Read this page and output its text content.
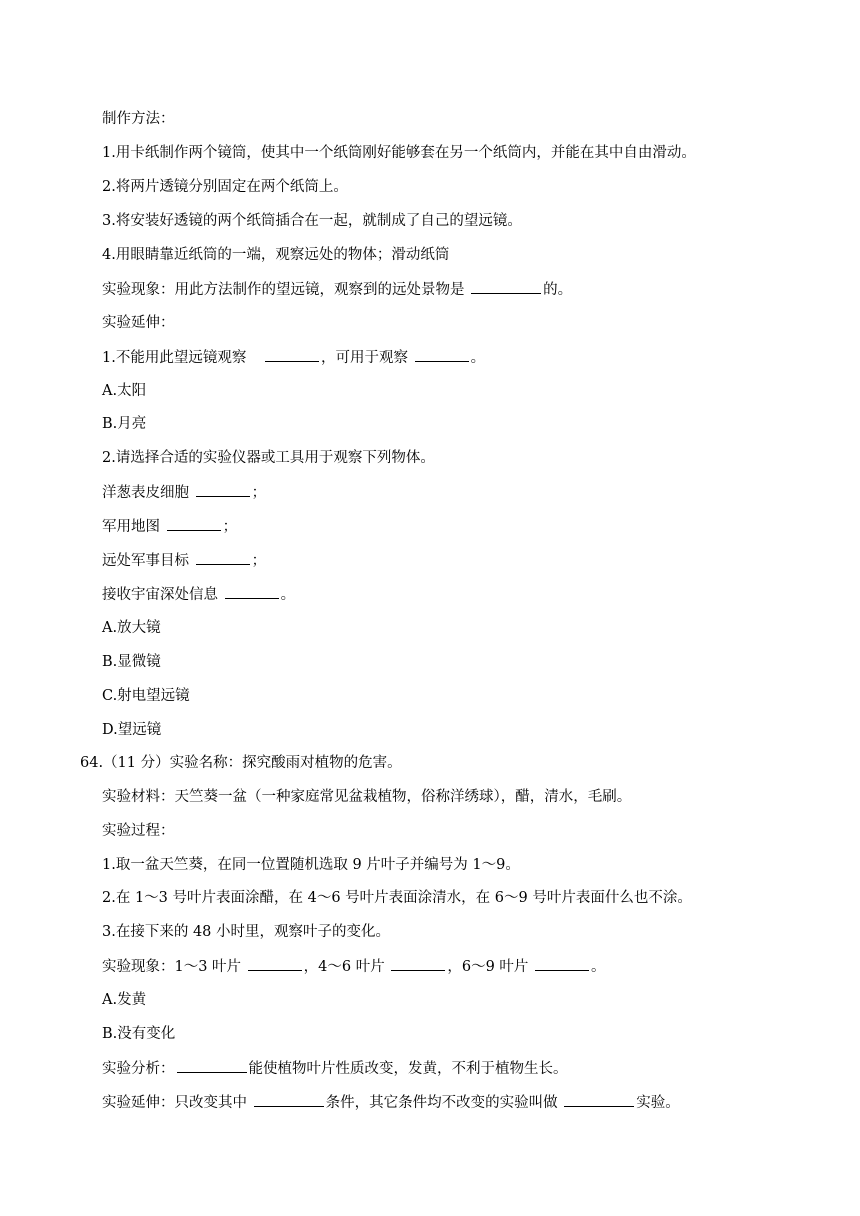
制作方法：
1.用卡纸制作两个镜筒，使其中一个纸筒刚好能够套在另一个纸筒内，并能在其中自由滑动。
2.将两片透镜分别固定在两个纸筒上。
3.将安装好透镜的两个纸筒插合在一起，就制成了自己的望远镜。
4.用眼睛靠近纸筒的一端，观察远处的物体；滑动纸筒
实验现象：用此方法制作的望远镜，观察到的远处景物是	的。
实验延伸：
1.不能用此望远镜观察	，可用于观察	。
A.太阳
B.月亮
2.请选择合适的实验仪器或工具用于观察下列物体。
洋葱表皮细胞	；
军用地图	；
远处军事目标	；
接收宇宙深处信息	。
A.放大镜
B.显微镜
C.射电望远镜
D.望远镜
64.（11 分）实验名称：探究酸雨对植物的危害。
实验材料：天竺葵一盆（一种家庭常见盆栽植物，俗称洋绣球），醋，清水，毛刷。
实验过程：
1.取一盆天竺葵，在同一位置随机选取 9 片叶子并编号为 1～9。
2.在 1～3 号叶片表面涂醋，在 4～6 号叶片表面涂清水，在 6～9 号叶片表面什么也不涂。
3.在接下来的 48 小时里，观察叶子的变化。
实验现象：1～3 叶片	，4～6 叶片	，6～9 叶片	。
A.发黄
B.没有变化
实验分析：	能使植物叶片性质改变，发黄，不利于植物生长。
实验延伸：只改变其中	条件，其它条件均不改变的实验叫做	实验。
